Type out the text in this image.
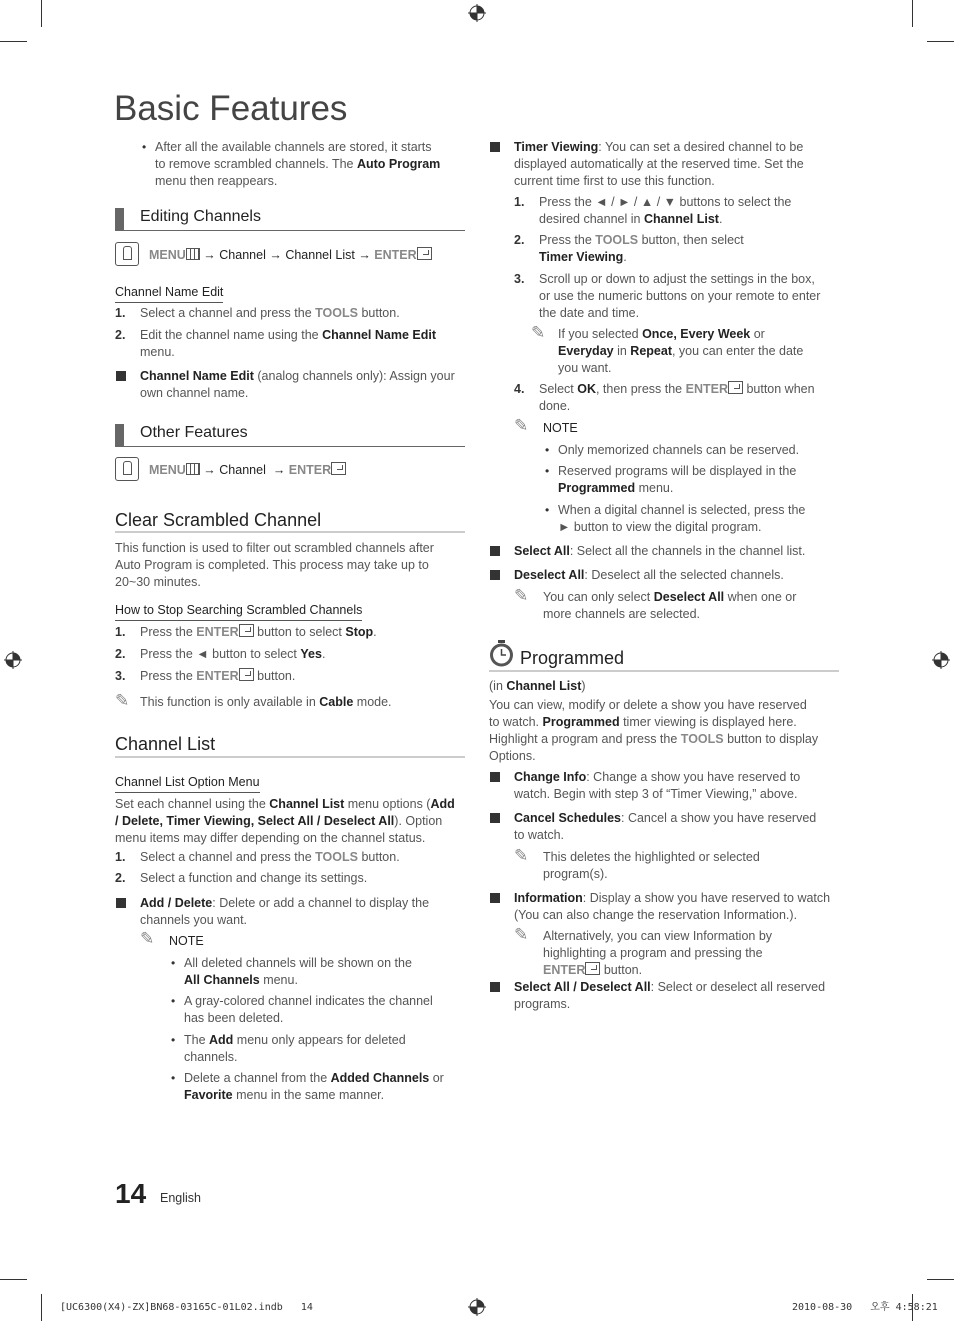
Basic Features
• After all the available channels are stored, it starts
to remove scrambled channels. The Auto Program
menu then reappears.
Editing Channels
MENU → Channel → Channel List → ENTER
Channel Name Edit
1. Select a channel and press the TOOLS button.
2. Edit the channel name using the Channel Name Edit
menu.
Channel Name Edit (analog channels only): Assign your
own channel name.
Other Features
MENU → Channel → ENTER
Clear Scrambled Channel
This function is used to filter out scrambled channels after
Auto Program is completed. This process may take up to
20~30 minutes.
How to Stop Searching Scrambled Channels
1. Press the ENTER button to select Stop.
2. Press the ◄ button to select Yes.
3. Press the ENTER button.
✎ This function is only available in Cable mode.
Channel List
Channel List Option Menu
Set each channel using the Channel List menu options (Add
/ Delete, Timer Viewing, Select All / Deselect All). Option
menu items may differ depending on the channel status.
1. Select a channel and press the TOOLS button.
2. Select a function and change its settings.
Add / Delete: Delete or add a channel to display the
channels you want.
✎ NOTE
• All deleted channels will be shown on the
All Channels menu.
• A gray-colored channel indicates the channel
has been deleted.
• The Add menu only appears for deleted
channels.
• Delete a channel from the Added Channels or
Favorite menu in the same manner.
14 English
Timer Viewing: You can set a desired channel to be
displayed automatically at the reserved time. Set the
current time first to use this function.
1. Press the ◄ / ► / ▲ / ▼ buttons to select the
desired channel in Channel List.
2. Press the TOOLS button, then select
Timer Viewing.
3. Scroll up or down to adjust the settings in the box,
or use the numeric buttons on your remote to enter
the date and time.
✎ If you selected Once, Every Week or
Everyday in Repeat, you can enter the date
you want.
4. Select OK, then press the ENTER button when
done.
✎ NOTE
• Only memorized channels can be reserved.
• Reserved programs will be displayed in the
Programmed menu.
• When a digital channel is selected, press the
► button to view the digital program.
Select All: Select all the channels in the channel list.
Deselect All: Deselect all the selected channels.
✎ You can only select Deselect All when one or
more channels are selected.
Programmed
(in Channel List)
You can view, modify or delete a show you have reserved
to watch. Programmed timer viewing is displayed here.
Highlight a program and press the TOOLS button to display
Options.
Change Info: Change a show you have reserved to
watch. Begin with step 3 of “Timer Viewing,” above.
Cancel Schedules: Cancel a show you have reserved
to watch.
✎ This deletes the highlighted or selected
program(s).
Information: Display a show you have reserved to watch
(You can also change the reservation Information.).
✎ Alternatively, you can view Information by
highlighting a program and pressing the
ENTER button.
Select All / Deselect All: Select or deselect all reserved
programs.
[UC6300(X4)-ZX]BN68-03165C-01L02.indb   14	2010-08-30   오후 4:58:21
